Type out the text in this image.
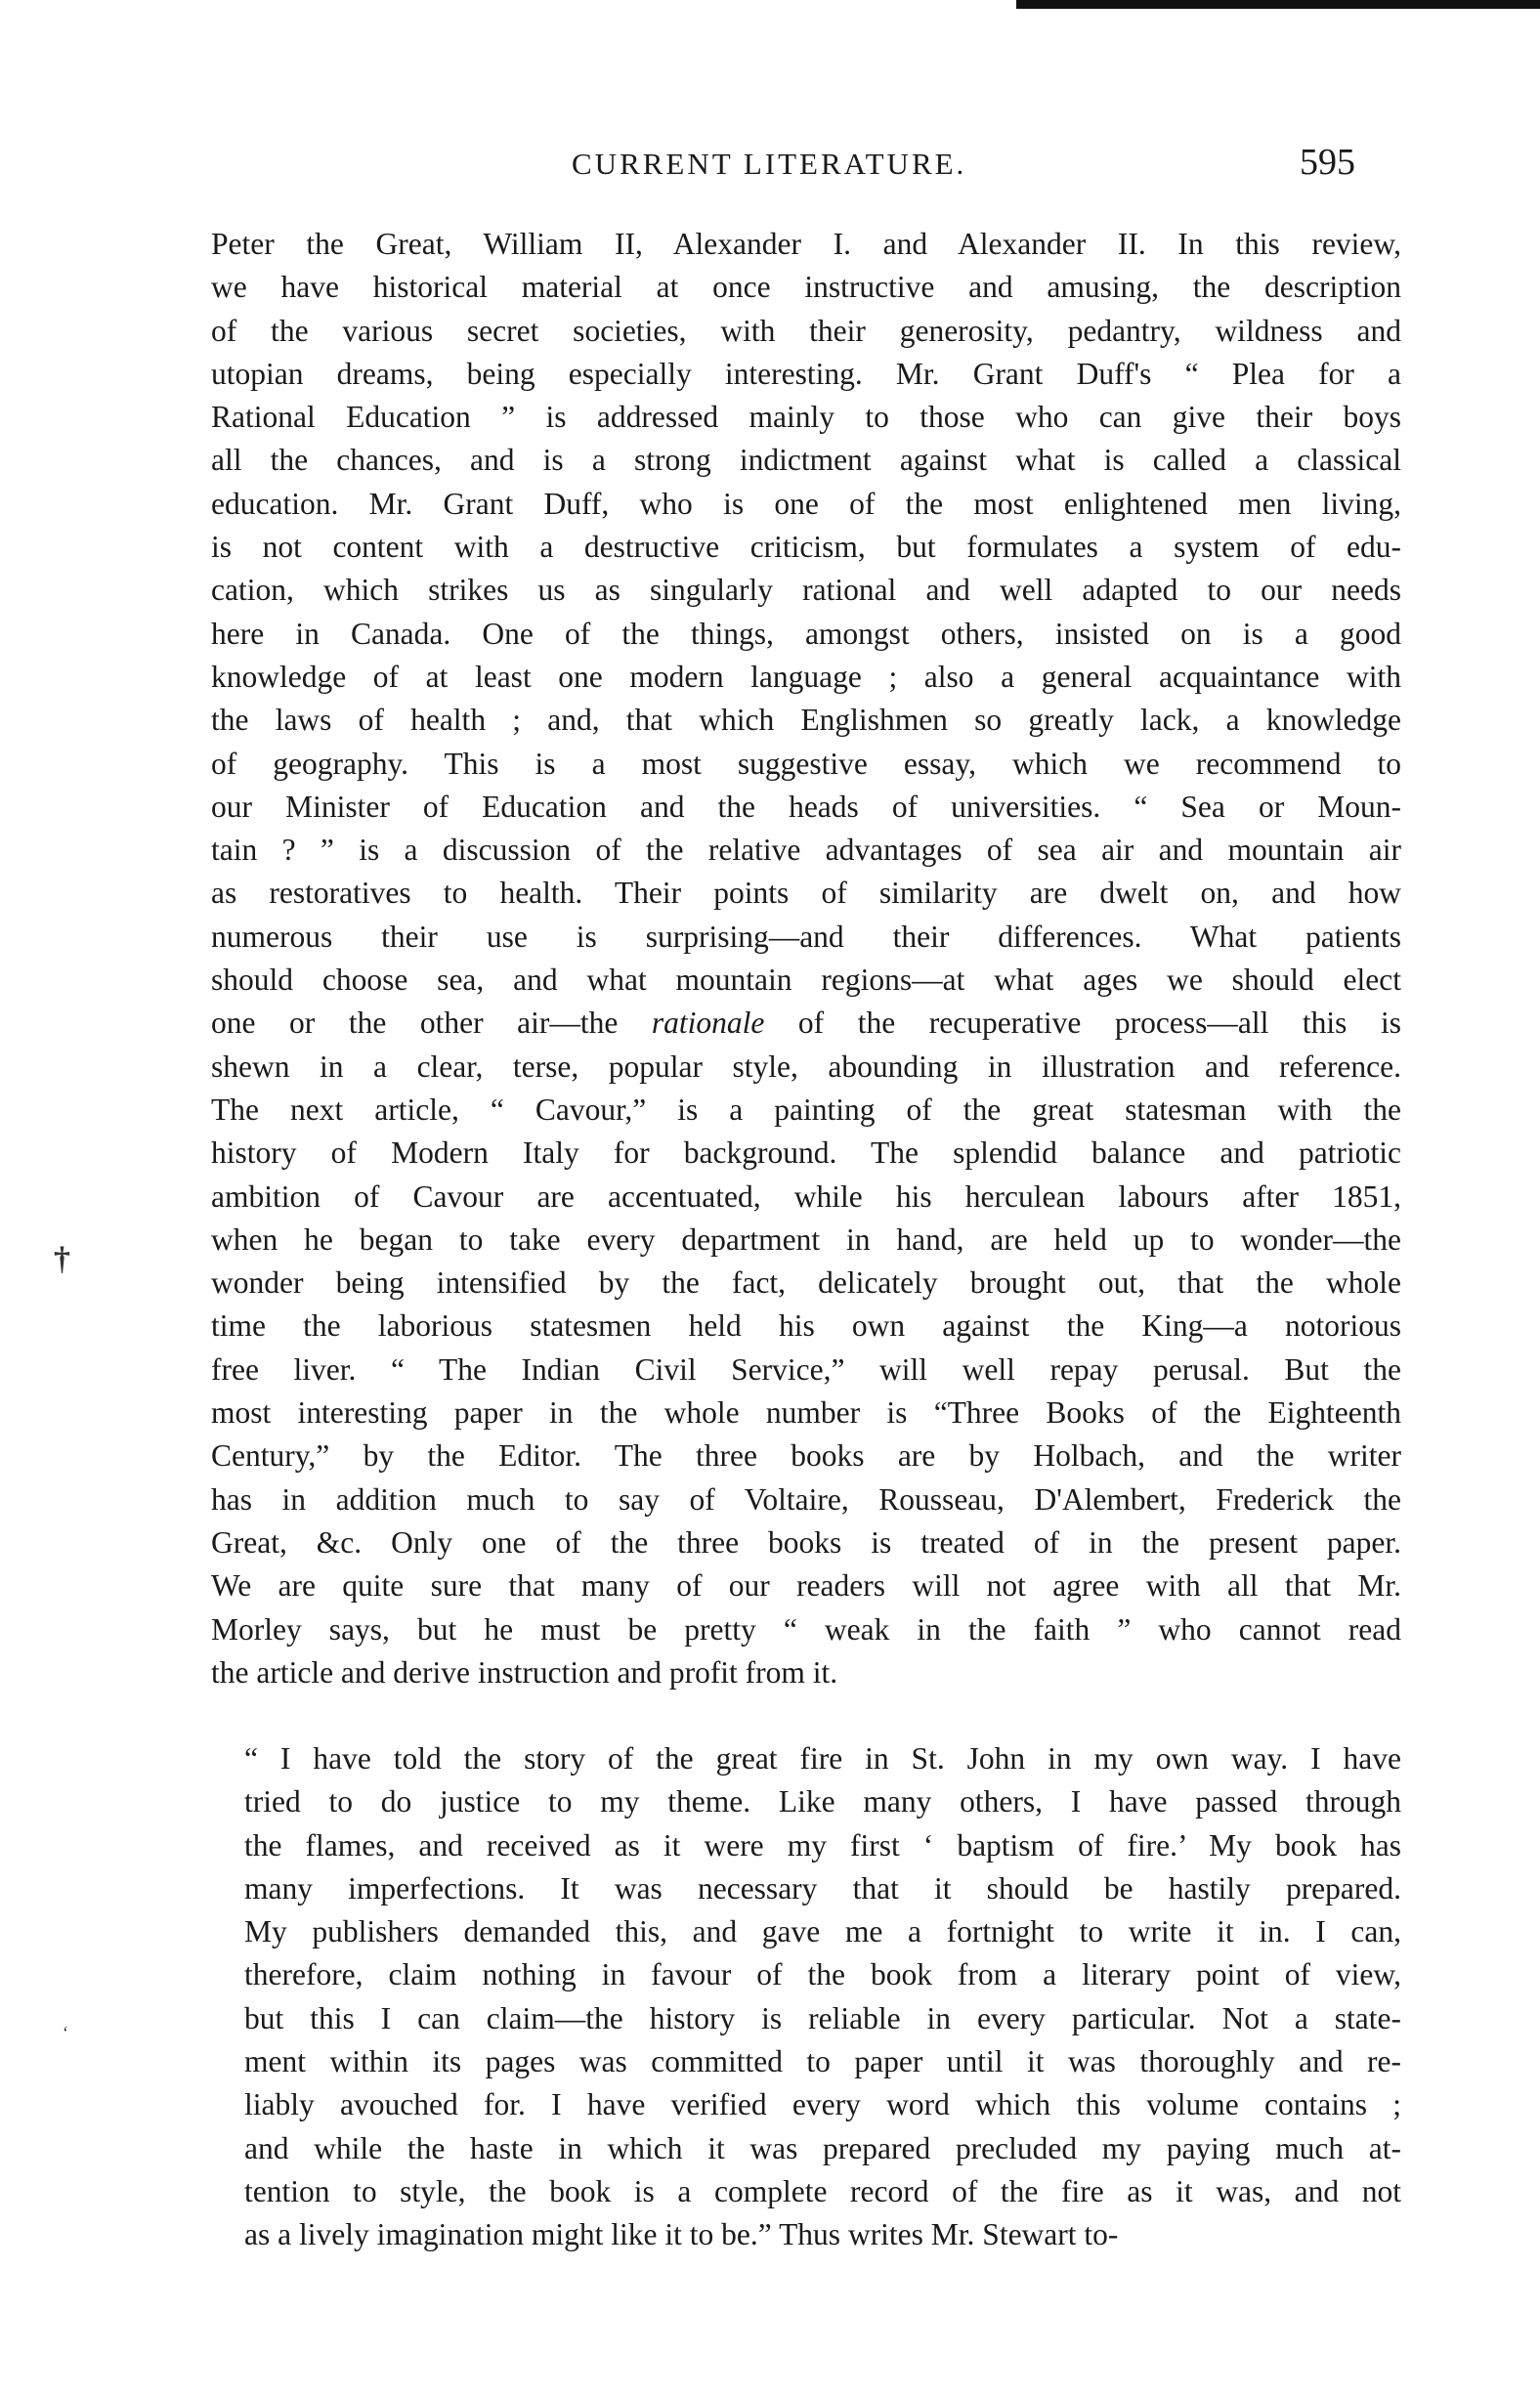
CURRENT LITERATURE.	595
Peter the Great, William II, Alexander I. and Alexander II. In this review,
we have historical material at once instructive and amusing, the description
of the various secret societies, with their generosity, pedantry, wildness and
utopian dreams, being especially interesting. Mr. Grant Duff's “ Plea for a
Rational Education ” is addressed mainly to those who can give their boys
all the chances, and is a strong indictment against what is called a classical
education. Mr. Grant Duff, who is one of the most enlightened men living,
is not content with a destructive criticism, but formulates a system of edu-
cation, which strikes us as singularly rational and well adapted to our needs
here in Canada. One of the things, amongst others, insisted on is a good
knowledge of at least one modern language ; also a general acquaintance with
the laws of health ; and, that which Englishmen so greatly lack, a knowledge
of geography. This is a most suggestive essay, which we recommend to
our Minister of Education and the heads of universities. “ Sea or Moun-
tain ? ” is a discussion of the relative advantages of sea air and mountain air
as restoratives to health. Their points of similarity are dwelt on, and how
numerous their use is surprising—and their differences. What patients
should choose sea, and what mountain regions—at what ages we should elect
one or the other air—the rationale of the recuperative process—all this is
shewn in a clear, terse, popular style, abounding in illustration and reference.
The next article, “ Cavour,” is a painting of the great statesman with the
history of Modern Italy for background. The splendid balance and patriotic
ambition of Cavour are accentuated, while his herculean labours after 1851,
when he began to take every department in hand, are held up to wonder—the
wonder being intensified by the fact, delicately brought out, that the whole
time the laborious statesmen held his own against the King—a notorious
free liver. “ The Indian Civil Service,” will well repay perusal. But the
most interesting paper in the whole number is “Three Books of the Eighteenth
Century,” by the Editor. The three books are by Holbach, and the writer
has in addition much to say of Voltaire, Rousseau, D'Alembert, Frederick the
Great, &c. Only one of the three books is treated of in the present paper.
We are quite sure that many of our readers will not agree with all that Mr.
Morley says, but he must be pretty “ weak in the faith ” who cannot read
the article and derive instruction and profit from it.
“ I have told the story of the great fire in St. John in my own way. I have
tried to do justice to my theme. Like many others, I have passed through
the flames, and received as it were my first ‘ baptism of fire.’ My book has
many imperfections. It was necessary that it should be hastily prepared.
My publishers demanded this, and gave me a fortnight to write it in. I can,
therefore, claim nothing in favour of the book from a literary point of view,
but this I can claim—the history is reliable in every particular. Not a state-
ment within its pages was committed to paper until it was thoroughly and re-
liably avouched for. I have verified every word which this volume contains ;
and while the haste in which it was prepared precluded my paying much at-
tention to style, the book is a complete record of the fire as it was, and not
as a lively imagination might like it to be.” Thus writes Mr. Stewart to-
†
‘
